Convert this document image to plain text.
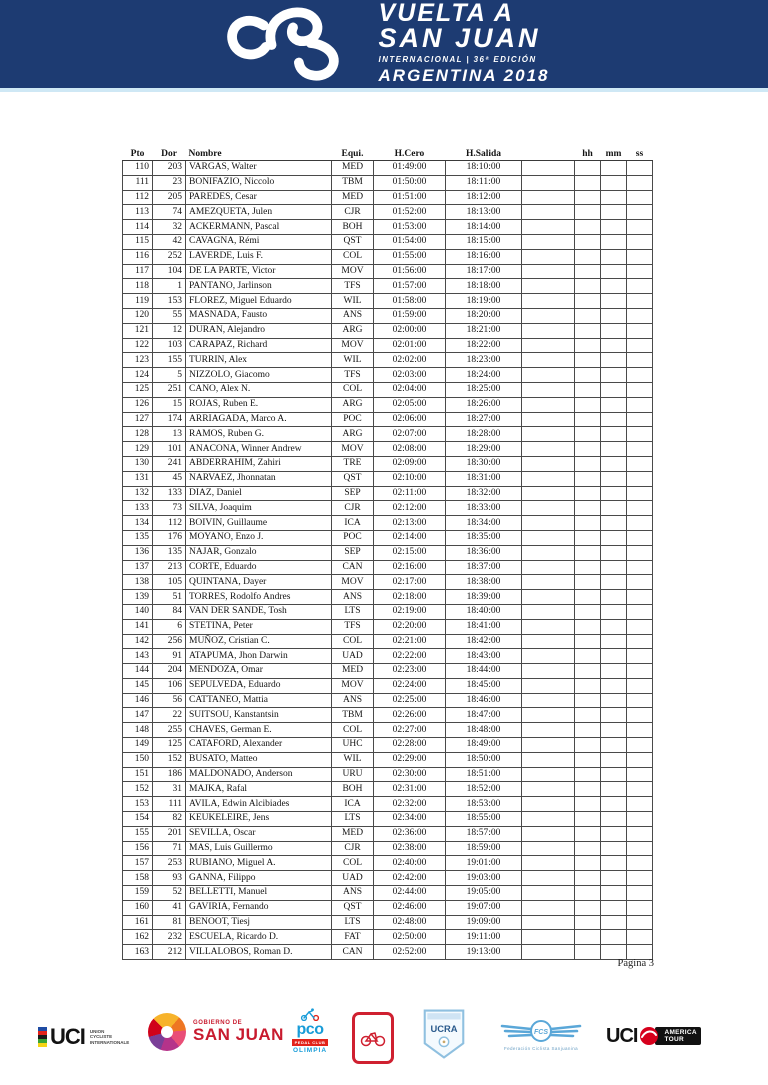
VUELTA A
SAN JUAN
INTERNACIONAL | 36ª EDICIÓN
ARGENTINA 2018
Pto	Dor	Nombre	Equi.	H.Cero	H.Salida		hh	mm	ss
110	203	VARGAS, Walter	MED	01:49:00	18:10:00				
111	23	BONIFAZIO, Niccolo	TBM	01:50:00	18:11:00				
112	205	PAREDES, Cesar	MED	01:51:00	18:12:00				
113	74	AMEZQUETA, Julen	CJR	01:52:00	18:13:00				
114	32	ACKERMANN, Pascal	BOH	01:53:00	18:14:00				
115	42	CAVAGNA, Rémi	QST	01:54:00	18:15:00				
116	252	LAVERDE, Luis F.	COL	01:55:00	18:16:00				
117	104	DE LA PARTE, Victor	MOV	01:56:00	18:17:00				
118	1	PANTANO, Jarlinson	TFS	01:57:00	18:18:00				
119	153	FLOREZ, Miguel Eduardo	WIL	01:58:00	18:19:00				
120	55	MASNADA, Fausto	ANS	01:59:00	18:20:00				
121	12	DURAN, Alejandro	ARG	02:00:00	18:21:00				
122	103	CARAPAZ, Richard	MOV	02:01:00	18:22:00				
123	155	TURRIN, Alex	WIL	02:02:00	18:23:00				
124	5	NIZZOLO, Giacomo	TFS	02:03:00	18:24:00				
125	251	CANO, Alex N.	COL	02:04:00	18:25:00				
126	15	ROJAS, Ruben E.	ARG	02:05:00	18:26:00				
127	174	ARRIAGADA, Marco A.	POC	02:06:00	18:27:00				
128	13	RAMOS, Ruben G.	ARG	02:07:00	18:28:00				
129	101	ANACONA, Winner Andrew	MOV	02:08:00	18:29:00				
130	241	ABDERRAHIM, Zahiri	TRE	02:09:00	18:30:00				
131	45	NARVAEZ, Jhonnatan	QST	02:10:00	18:31:00				
132	133	DIAZ, Daniel	SEP	02:11:00	18:32:00				
133	73	SILVA, Joaquim	CJR	02:12:00	18:33:00				
134	112	BOIVIN, Guillaume	ICA	02:13:00	18:34:00				
135	176	MOYANO, Enzo J.	POC	02:14:00	18:35:00				
136	135	NAJAR, Gonzalo	SEP	02:15:00	18:36:00				
137	213	CORTE, Eduardo	CAN	02:16:00	18:37:00				
138	105	QUINTANA, Dayer	MOV	02:17:00	18:38:00				
139	51	TORRES, Rodolfo Andres	ANS	02:18:00	18:39:00				
140	84	VAN DER SANDE, Tosh	LTS	02:19:00	18:40:00				
141	6	STETINA, Peter	TFS	02:20:00	18:41:00				
142	256	MUÑOZ, Cristian C.	COL	02:21:00	18:42:00				
143	91	ATAPUMA, Jhon Darwin	UAD	02:22:00	18:43:00				
144	204	MENDOZA, Omar	MED	02:23:00	18:44:00				
145	106	SEPULVEDA, Eduardo	MOV	02:24:00	18:45:00				
146	56	CATTANEO, Mattia	ANS	02:25:00	18:46:00				
147	22	SUITSOU, Kanstantsin	TBM	02:26:00	18:47:00				
148	255	CHAVES, German E.	COL	02:27:00	18:48:00				
149	125	CATAFORD, Alexander	UHC	02:28:00	18:49:00				
150	152	BUSATO, Matteo	WIL	02:29:00	18:50:00				
151	186	MALDONADO, Anderson	URU	02:30:00	18:51:00				
152	31	MAJKA, Rafal	BOH	02:31:00	18:52:00				
153	111	AVILA, Edwin Alcibiades	ICA	02:32:00	18:53:00				
154	82	KEUKELEIRE, Jens	LTS	02:34:00	18:55:00				
155	201	SEVILLA, Oscar	MED	02:36:00	18:57:00				
156	71	MAS, Luis Guillermo	CJR	02:38:00	18:59:00				
157	253	RUBIANO, Miguel A.	COL	02:40:00	19:01:00				
158	93	GANNA, Filippo	UAD	02:42:00	19:03:00				
159	52	BELLETTI, Manuel	ANS	02:44:00	19:05:00				
160	41	GAVIRIA, Fernando	QST	02:46:00	19:07:00				
161	81	BENOOT, Tiesj	LTS	02:48:00	19:09:00				
162	232	ESCUELA, Ricardo D.	FAT	02:50:00	19:11:00				
163	212	VILLALOBOS, Roman D.	CAN	02:52:00	19:13:00				
Pagina 3
UCI UNION
CYCLISTE
INTERNATIONALE
GOBIERNO DE
SAN JUAN pco
PEDAL CLUB
OLIMPIA
UCRA	FCS
Federación Ciclista Sanjuanina
UCI	AMERICA
TOUR
